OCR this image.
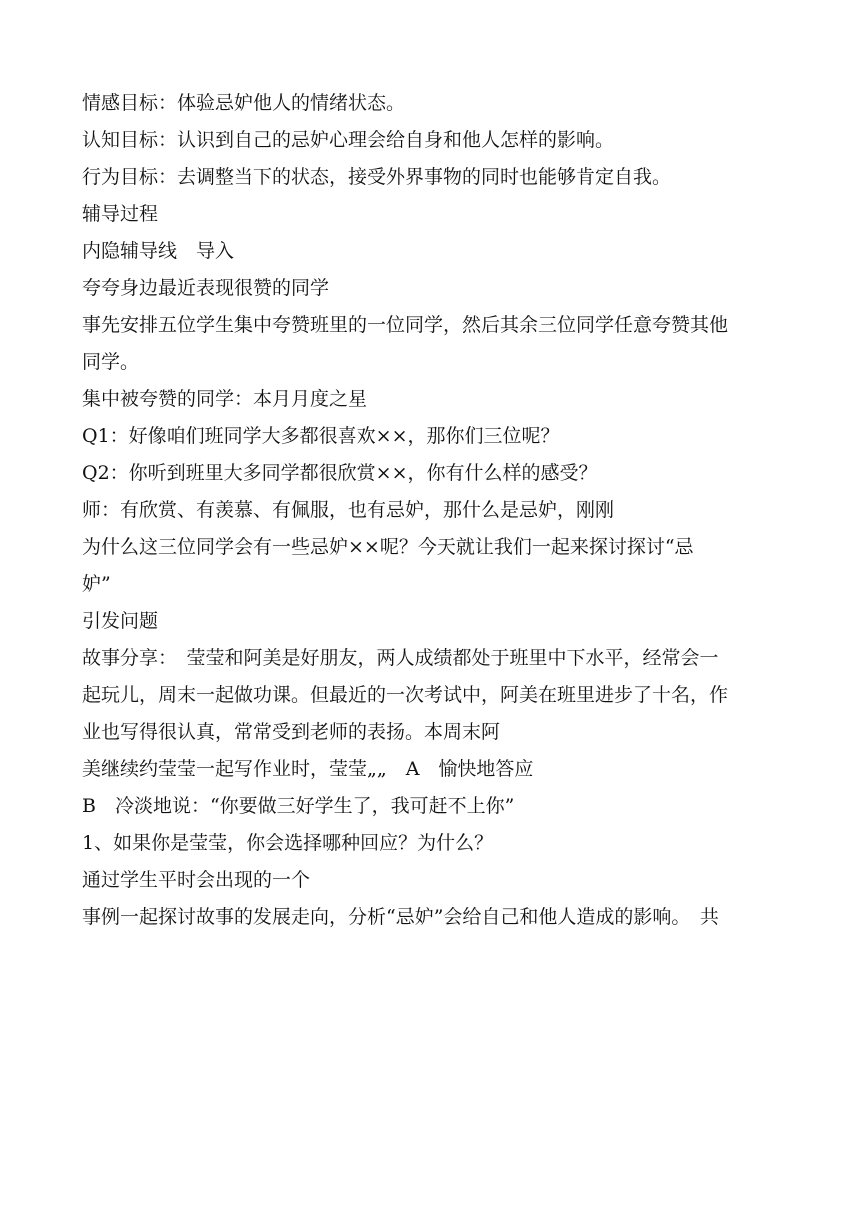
情感目标：体验忌妒他人的情绪状态。

认知目标：认识到自己的忌妒心理会给自身和他人怎样的影响。

行为目标：去调整当下的状态，接受外界事物的同时也能够肯定自我。

辅导过程

内隐辅导线　导入

夸夸身边最近表现很赞的同学

事先安排五位学生集中夸赞班里的一位同学，然后其余三位同学任意夸赞其他

同学。

集中被夸赞的同学：本月月度之星

Q1：好像咱们班同学大多都很喜欢××，那你们三位呢？

Q2：你听到班里大多同学都很欣赏××，你有什么样的感受？

师：有欣赏、有羡慕、有佩服，也有忌妒，那什么是忌妒，刚刚

为什么这三位同学会有一些忌妒××呢？今天就让我们一起来探讨探讨“忌

妒”

引发问题

故事分享：　莹莹和阿美是好朋友，两人成绩都处于班里中下水平，经常会一

起玩儿，周末一起做功课。但最近的一次考试中，阿美在班里进步了十名，作

业也写得很认真，常常受到老师的表扬。本周末阿

美继续约莹莹一起写作业时，莹莹„„　A　愉快地答应

B　冷淡地说：“你要做三好学生了，我可赶不上你”

1、如果你是莹莹，你会选择哪种回应？为什么？

通过学生平时会出现的一个

事例一起探讨故事的发展走向，分析“忌妒”会给自己和他人造成的影响。　共
